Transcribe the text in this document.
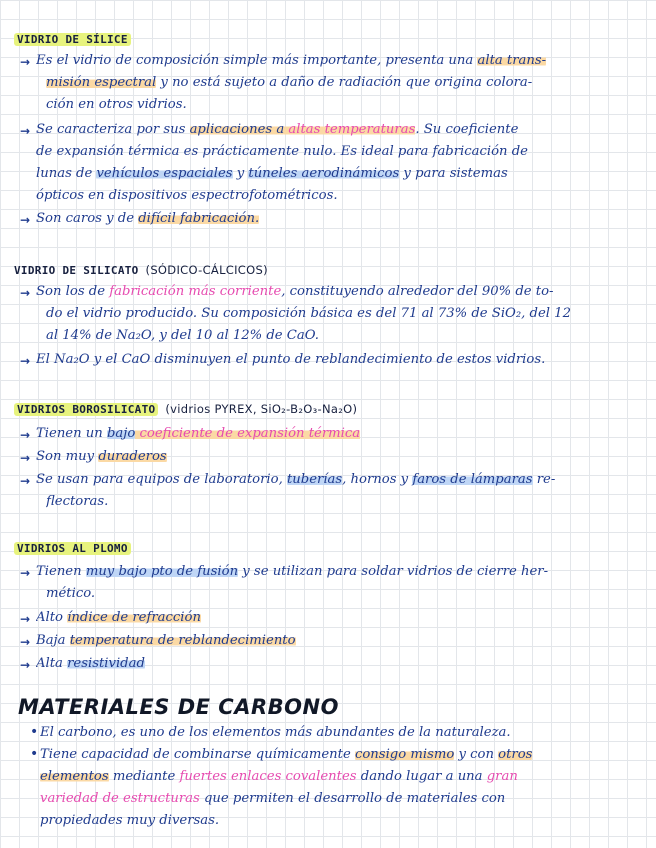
VIDRIO DE SÍLICE
→ Es el vidrio de composición simple más importante, presenta una alta trans-
misión espectral y no está sujeto a daño de radiación que origina colora-
ción en otros vidrios.
→ Se caracteriza por sus aplicaciones a altas temperaturas. Su coeficiente
de expansión térmica es prácticamente nulo. Es ideal para fabricación de
lunas de vehículos espaciales y túneles aerodinámicos y para sistemas
ópticos en dispositivos espectrofotométricos.
→ Son caros y de difícil fabricación.
VIDRIO DE SILICATO (SÓDICO-CÁLCICOS)
→ Son los de fabricación más corriente, constituyendo alrededor del 90% de to-
do el vidrio producido. Su composición básica es del 71 al 73% de SiO₂, del 12
al 14% de Na₂O, y del 10 al 12% de CaO.
→ El Na₂O y el CaO disminuyen el punto de reblandecimiento de estos vidrios.
VIDRIOS BOROSILICATO (vidrios PYREX, SiO₂-B₂O₃-Na₂O)
→ Tienen un bajo coeficiente de expansión térmica
→ Son muy duraderos
→ Se usan para equipos de laboratorio, tuberías, hornos y faros de lámparas re-
flectoras.
VIDRIOS AL PLOMO
→ Tienen muy bajo pto de fusión y se utilizan para soldar vidrios de cierre her-
mético.
→ Alto índice de refracción
→ Baja temperatura de reblandecimiento
→ Alta resistividad
MATERIALES DE CARBONO
• El carbono, es uno de los elementos más abundantes de la naturaleza.
• Tiene capacidad de combinarse químicamente consigo mismo y con otros
elementos mediante fuertes enlaces covalentes dando lugar a una gran
variedad de estructuras que permiten el desarrollo de materiales con
propiedades muy diversas.
